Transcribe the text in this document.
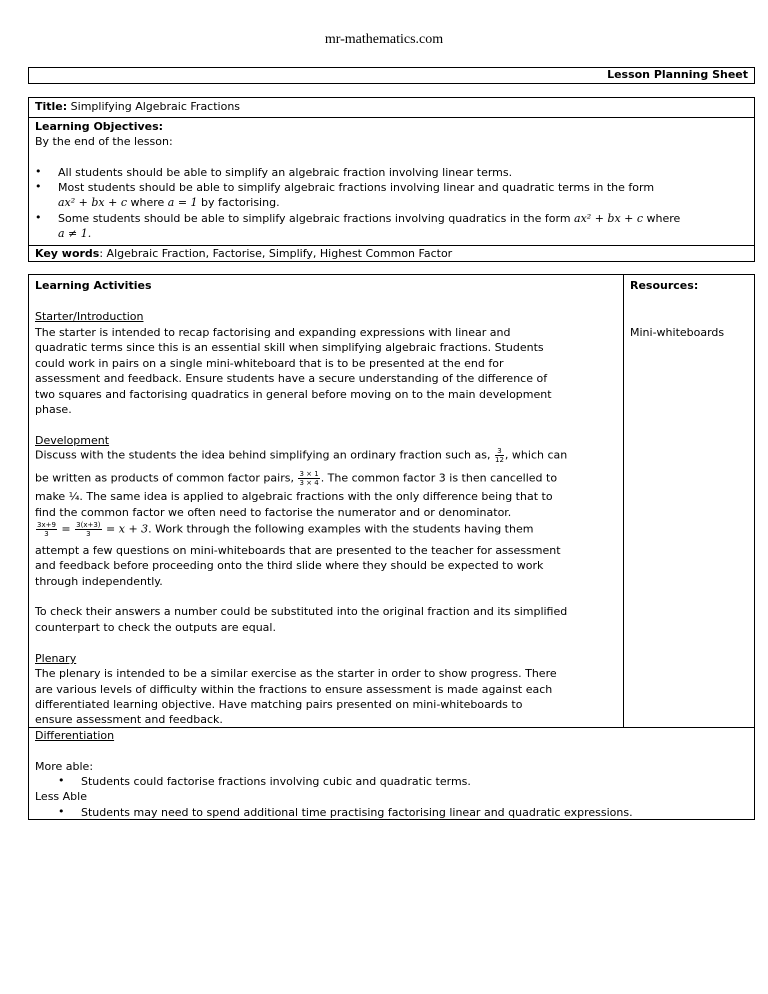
mr-mathematics.com
Lesson Planning Sheet
Title: Simplifying Algebraic Fractions
Learning Objectives:
By the end of the lesson:
• All students should be able to simplify an algebraic fraction involving linear terms.
• Most students should be able to simplify algebraic fractions involving linear and quadratic terms in the form
ax² + bx + c where a = 1 by factorising.
• Some students should be able to simplify algebraic fractions involving quadratics in the form ax² + bx + c where
a ≠ 1.
Key words: Algebraic Fraction, Factorise, Simplify, Highest Common Factor
Learning Activities	Resources:
Mini-whiteboards
Starter/Introduction
The starter is intended to recap factorising and expanding expressions with linear and
quadratic terms since this is an essential skill when simplifying algebraic fractions. Students
could work in pairs on a single mini-whiteboard that is to be presented at the end for
assessment and feedback. Ensure students have a secure understanding of the difference of
two squares and factorising quadratics in general before moving on to the main development
phase.
Development
Discuss with the students the idea behind simplifying an ordinary fraction such as, $\frac{3}{12}$ , which can
be written as products of common factor pairs, $\frac{3 \times 1}{3 \times 4}$ . The common factor 3 is then cancelled to
make ¼. The same idea is applied to algebraic fractions with the only difference being that to
find the common factor we often need to factorise the numerator and or denominator.
$\frac{3x+9}{3} = \frac{3(x+3)}{3} = x + 3$. Work through the following examples with the students having them
attempt a few questions on mini-whiteboards that are presented to the teacher for assessment
and feedback before proceeding onto the third slide where they should be expected to work
through independently.
To check their answers a number could be substituted into the original fraction and its simplified
counterpart to check the outputs are equal.
Plenary
The plenary is intended to be a similar exercise as the starter in order to show progress. There
are various levels of difficulty within the fractions to ensure assessment is made against each
differentiated learning objective. Have matching pairs presented on mini-whiteboards to
ensure assessment and feedback.
Differentiation
More able:
• Students could factorise fractions involving cubic and quadratic terms.
Less Able
• Students may need to spend additional time practising factorising linear and quadratic expressions.
